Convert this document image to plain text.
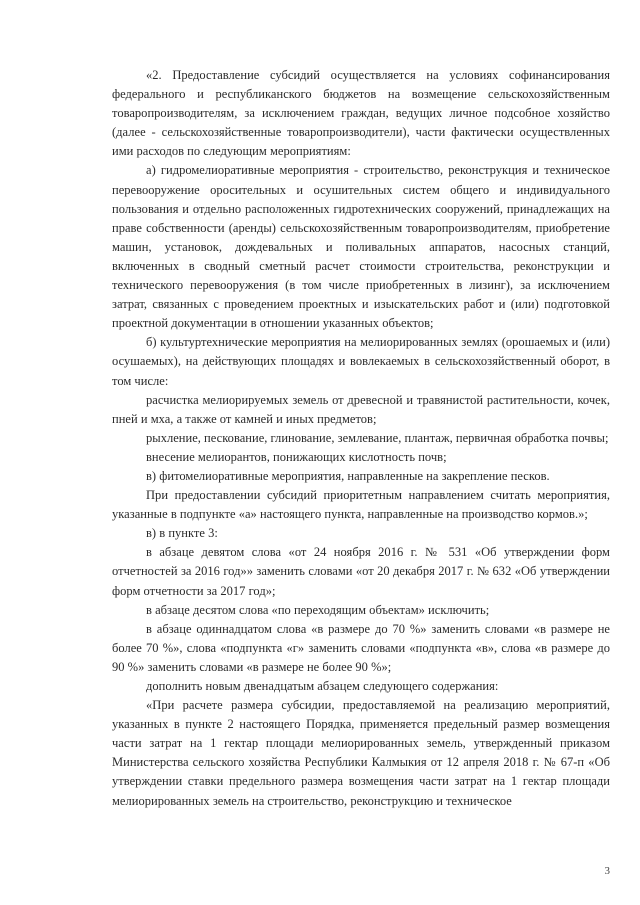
«2. Предоставление субсидий осуществляется на условиях софинансирования федерального и республиканского бюджетов на возмещение сельскохозяйственным товаропроизводителям, за исключением граждан, ведущих личное подсобное хозяйство (далее - сельскохозяйственные товаропроизводители), части фактически осуществленных ими расходов по следующим мероприятиям:

а) гидромелиоративные мероприятия - строительство, реконструкция и техническое перевооружение оросительных и осушительных систем общего и индивидуального пользования и отдельно расположенных гидротехнических сооружений, принадлежащих на праве собственности (аренды) сельскохозяйственным товаропроизводителям, приобретение машин, установок, дождевальных и поливальных аппаратов, насосных станций, включенных в сводный сметный расчет стоимости строительства, реконструкции и технического перевооружения (в том числе приобретенных в лизинг), за исключением затрат, связанных с проведением проектных и изыскательских работ и (или) подготовкой проектной документации в отношении указанных объектов;

б) культуртехнические мероприятия на мелиорированных землях (орошаемых и (или) осушаемых), на действующих площадях и вовлекаемых в сельскохозяйственный оборот, в том числе:

расчистка мелиорируемых земель от древесной и травянистой растительности, кочек, пней и мха, а также от камней и иных предметов;

рыхление, пескование, глинование, землевание, плантаж, первичная обработка почвы;

внесение мелиорантов, понижающих кислотность почв;

в) фитомелиоративные мероприятия, направленные на закрепление песков.

При предоставлении субсидий приоритетным направлением считать мероприятия, указанные в подпункте «а» настоящего пункта, направленные на производство кормов.»;

в) в пункте 3:

в абзаце девятом слова «от 24 ноября 2016 г. № 531 «Об утверждении форм отчетностей за 2016 год»» заменить словами «от 20 декабря 2017 г. № 632 «Об утверждении форм отчетности за 2017 год»;

в абзаце десятом слова «по переходящим объектам» исключить;

в абзаце одиннадцатом слова «в размере до 70 %» заменить словами «в размере не более 70 %», слова «подпункта «г» заменить словами «подпункта «в», слова «в размере до 90 %» заменить словами «в размере не более 90 %»;

дополнить новым двенадцатым абзацем следующего содержания:

«При расчете размера субсидии, предоставляемой на реализацию мероприятий, указанных в пункте 2 настоящего Порядка, применяется предельный размер возмещения части затрат на 1 гектар площади мелиорированных земель, утвержденный приказом Министерства сельского хозяйства Республики Калмыкия от 12 апреля 2018 г. № 67-п «Об утверждении ставки предельного размера возмещения части затрат на 1 гектар площади мелиорированных земель на строительство, реконструкцию и техническое

3
